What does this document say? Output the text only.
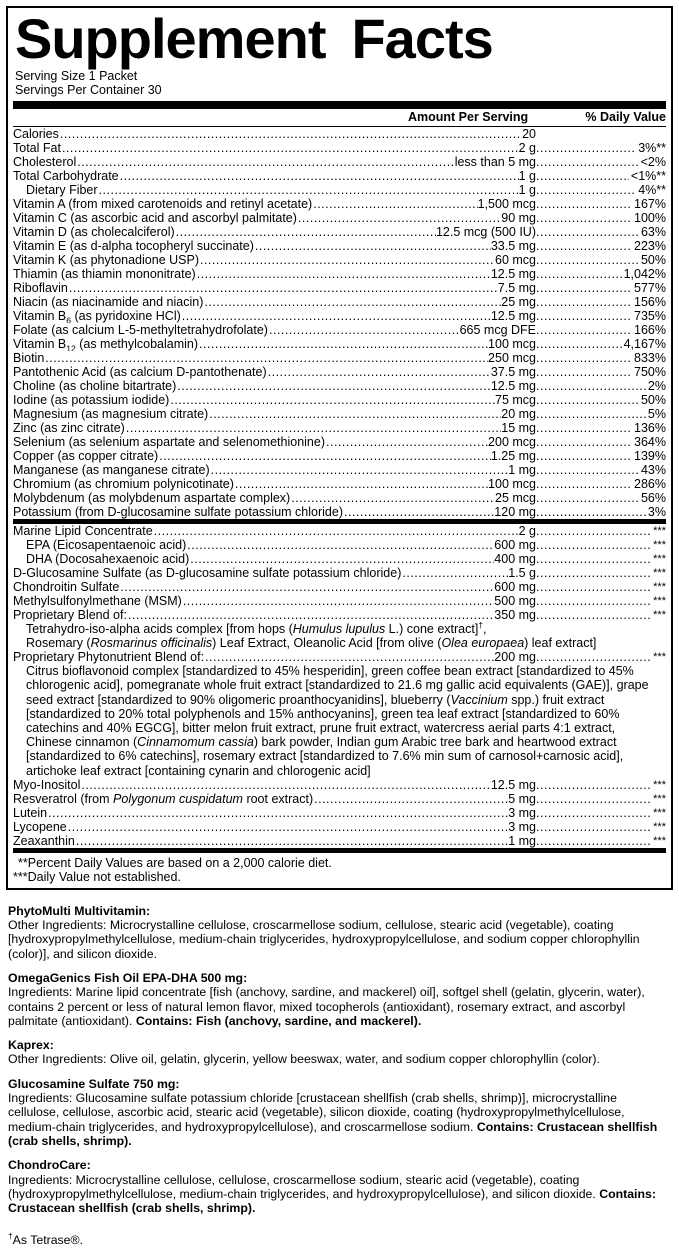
Supplement Facts
Serving Size 1 Packet
Servings Per Container 30
Amount Per Serving	% Daily Value
Calories .....	20
Total Fat .....	2 g .....	3%**
Cholesterol .....	less than 5 mg .....	<2%
Total Carbohydrate .....	1 g .....	<1%**
Dietary Fiber .....	1 g .....	4%**
Vitamin A (from mixed carotenoids and retinyl acetate) .....	1,500 mcg .....	167%
Vitamin C (as ascorbic acid and ascorbyl palmitate) .....	90 mg .....	100%
Vitamin D (as cholecalciferol) .....	12.5 mcg (500 IU) .....	63%
Vitamin E (as d-alpha tocopheryl succinate) .....	33.5 mg .....	223%
Vitamin K (as phytonadione USP) .....	60 mcg .....	50%
Thiamin (as thiamin mononitrate) .....	12.5 mg .....	1,042%
Riboflavin .....	7.5 mg .....	577%
Niacin (as niacinamide and niacin) .....	25 mg .....	156%
Vitamin $B_6$ (as pyridoxine HCl) .....	12.5 mg .....	735%
Folate (as calcium L-5-methyltetrahydrofolate) .....	665 mcg DFE .....	166%
Vitamin $B_{12}$ (as methylcobalamin) .....	100 mcg .....	4,167%
Biotin .....	250 mcg .....	833%
Pantothenic Acid (as calcium D-pantothenate) .....	37.5 mg .....	750%
Choline (as choline bitartrate) .....	12.5 mg .....	2%
Iodine (as potassium iodide) .....	75 mcg .....	50%
Magnesium (as magnesium citrate) .....	20 mg .....	5%
Zinc (as zinc citrate) .....	15 mg .....	136%
Selenium (as selenium aspartate and selenomethionine) .....	200 mcg .....	364%
Copper (as copper citrate) .....	1.25 mg .....	139%
Manganese (as manganese citrate) .....	1 mg .....	43%
Chromium (as chromium polynicotinate) .....	100 mcg .....	286%
Molybdenum (as molybdenum aspartate complex) .....	25 mcg .....	56%
Potassium (from D-glucosamine sulfate potassium chloride) .....	120 mg .....	3%
Marine Lipid Concentrate .....	2 g .....	***
EPA (Eicosapentaenoic acid) .....	600 mg .....	***
DHA (Docosahexaenoic acid) .....	400 mg .....	***
D-Glucosamine Sulfate (as D-glucosamine sulfate potassium chloride) .....	1.5 g .....	***
Chondroitin Sulfate .....	600 mg .....	***
Methylsulfonylmethane (MSM) .....	500 mg .....	***
Proprietary Blend of: .....	350 mg .....	***
Tetrahydro-iso-alpha acids complex [from hops (Humulus lupulus L.) cone extract]†,
Rosemary (Rosmarinus officinalis) Leaf Extract, Oleanolic Acid [from olive (Olea europaea) leaf extract]
Proprietary Phytonutrient Blend of: .....	200 mg .....	***
Citrus bioflavonoid complex [standardized to 45% hesperidin], green coffee bean extract [standardized to 45% chlorogenic acid], pomegranate whole fruit extract [standardized to 21.6 mg gallic acid equivalents (GAE)], grape seed extract [standardized to 90% oligomeric proanthocyanidins], blueberry (Vaccinium spp.) fruit extract [standardized to 20% total polyphenols and 15% anthocyanins], green tea leaf extract [standardized to 60% catechins and 40% EGCG], bitter melon fruit extract, prune fruit extract, watercress aerial parts 4:1 extract, Chinese cinnamon (Cinnamomum cassia) bark powder, Indian gum Arabic tree bark and heartwood extract [standardized to 6% catechins], rosemary extract [standardized to 7.6% min sum of carnosol+carnosic acid], artichoke leaf extract [containing cynarin and chlorogenic acid]
Myo-Inositol .....	12.5 mg .....	***
Resveratrol (from Polygonum cuspidatum root extract) .....	5 mg .....	***
Lutein .....	3 mg .....	***
Lycopene .....	3 mg .....	***
Zeaxanthin .....	1 mg .....	***
**Percent Daily Values are based on a 2,000 calorie diet.
***Daily Value not established.
PhytoMulti Multivitamin:

Other Ingredients: Microcrystalline cellulose, croscarmellose sodium, cellulose, stearic acid (vegetable), coating [hydroxypropylmethylcellulose, medium-chain triglycerides, hydroxypropylcellulose, and sodium copper chlorophyllin (color)], and silicon dioxide.

OmegaGenics Fish Oil EPA-DHA 500 mg:

Ingredients: Marine lipid concentrate [fish (anchovy, sardine, and mackerel) oil], softgel shell (gelatin, glycerin, water), contains 2 percent or less of natural lemon flavor, mixed tocopherols (antioxidant), rosemary extract, and ascorbyl palmitate (antioxidant). Contains: Fish (anchovy, sardine, and mackerel).

Kaprex:

Other Ingredients: Olive oil, gelatin, glycerin, yellow beeswax, water, and sodium copper chlorophyllin (color).

Glucosamine Sulfate 750 mg:

Ingredients: Glucosamine sulfate potassium chloride [crustacean shellfish (crab shells, shrimp)], microcrystalline cellulose, cellulose, ascorbic acid, stearic acid (vegetable), silicon dioxide, coating (hydroxypropylmethylcellulose, medium-chain triglycerides, and hydroxypropylcellulose), and croscarmellose sodium. Contains: Crustacean shellfish (crab shells, shrimp).

ChondroCare:

Ingredients: Microcrystalline cellulose, cellulose, croscarmellose sodium, stearic acid (vegetable), coating (hydroxypropylmethylcellulose, medium-chain triglycerides, and hydroxypropylcellulose), and silicon dioxide. Contains: Crustacean shellfish (crab shells, shrimp).

†As Tetrase®.
